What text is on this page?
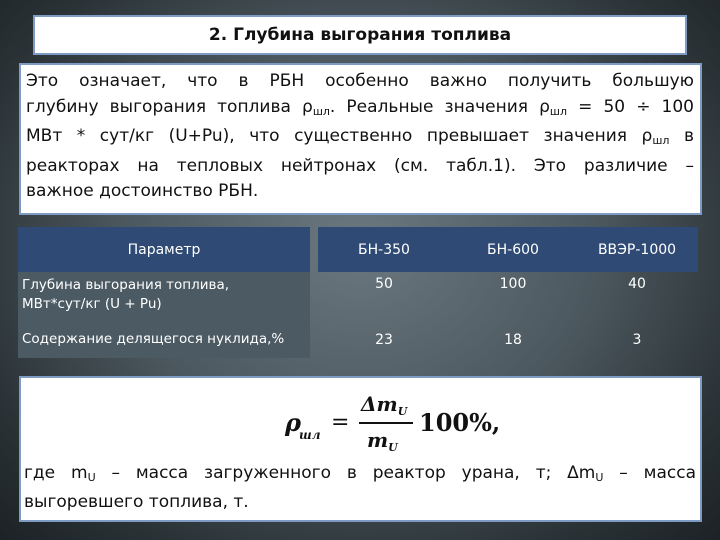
2. Глубина выгорания топлива
Это означает, что в РБН особенно важно получить большую
глубину выгорания топлива $\rho_{шл}$. Реальные значения $\rho_{шл} = 50 \div 100$
МВт * сут/кг (U+Pu), что существенно превышает значения $\rho_{шл}$ в
реакторах на тепловых нейтронах (см. табл.1). Это различие –
важное достоинство РБН.
Параметр		БН-350	БН-600	ВВЭР-1000
Глубина выгорания топлива,
МВт*сут/кг (U + Pu)		50	100	40
Содержание делящегося нуклида,%		23	18	3
ρ
шл =
$\Delta m_U$
$m_U$
100%,
где $m_U$ – масса загруженного в реактор урана, т; $\Delta m_U$ – масса
выгоревшего топлива, т.
